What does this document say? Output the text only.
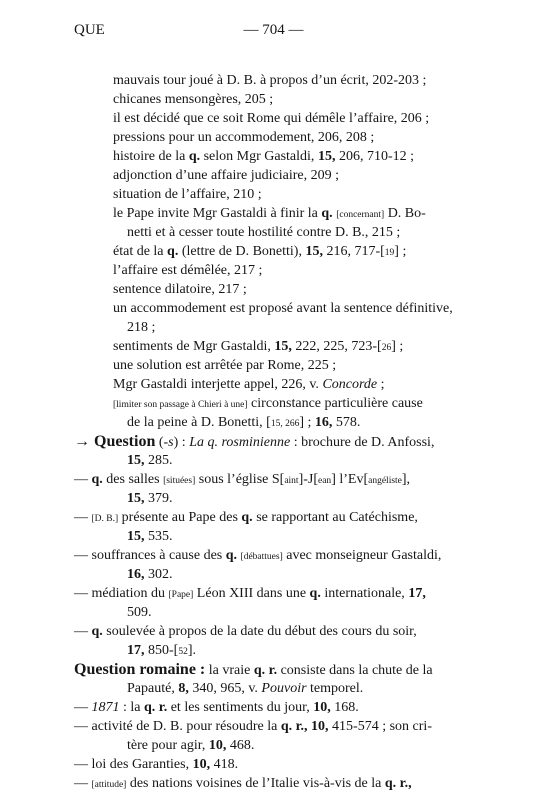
QUE	— 704 —
mauvais tour joué à D. B. à propos d’un écrit, 202-203 ;
chicanes mensongères, 205 ;
il est décidé que ce soit Rome qui démêle l’affaire, 206 ;
pressions pour un accommodement, 206, 208 ;
histoire de la q. selon Mgr Gastaldi, 15, 206, 710-12 ;
adjonction d’une affaire judiciaire, 209 ;
situation de l’affaire, 210 ;
le Pape invite Mgr Gastaldi à finir la q. [concernant] D. Bo-
netti et à cesser toute hostilité contre D. B., 215 ;
état de la q. (lettre de D. Bonetti), 15, 216, 717-[19] ;
l’affaire est démêlée, 217 ;
sentence dilatoire, 217 ;
un accommodement est proposé avant la sentence définitive,
218 ;
sentiments de Mgr Gastaldi, 15, 222, 225, 723-[26] ;
une solution est arrêtée par Rome, 225 ;
Mgr Gastaldi interjette appel, 226, v. Concorde ;
[limiter son passage à Chieri à une] circonstance particulière cause
de la peine à D. Bonetti, [15, 266] ; 16, 578.
→ Question (-s) : La q. rosminienne : brochure de D. Anfossi,
15, 285.
— q. des salles [situées] sous l’église S[aint]-J[ean] l’Ev[angéliste],
15, 379.
— [D. B.] présente au Pape des q. se rapportant au Catéchisme,
15, 535.
— souffrances à cause des q. [débattues] avec monseigneur Gastaldi,
16, 302.
— médiation du [Pape] Léon XIII dans une q. internationale, 17,
509.
— q. soulevée à propos de la date du début des cours du soir,
17, 850-[52].
Question romaine : la vraie q. r. consiste dans la chute de la
Papauté, 8, 340, 965, v. Pouvoir temporel.
— 1871 : la q. r. et les sentiments du jour, 10, 168.
— activité de D. B. pour résoudre la q. r., 10, 415-574 ; son cri-
tère pour agir, 10, 468.
— loi des Garanties, 10, 418.
— [attitude] des nations voisines de l’Italie vis-à-vis de la q. r.,
